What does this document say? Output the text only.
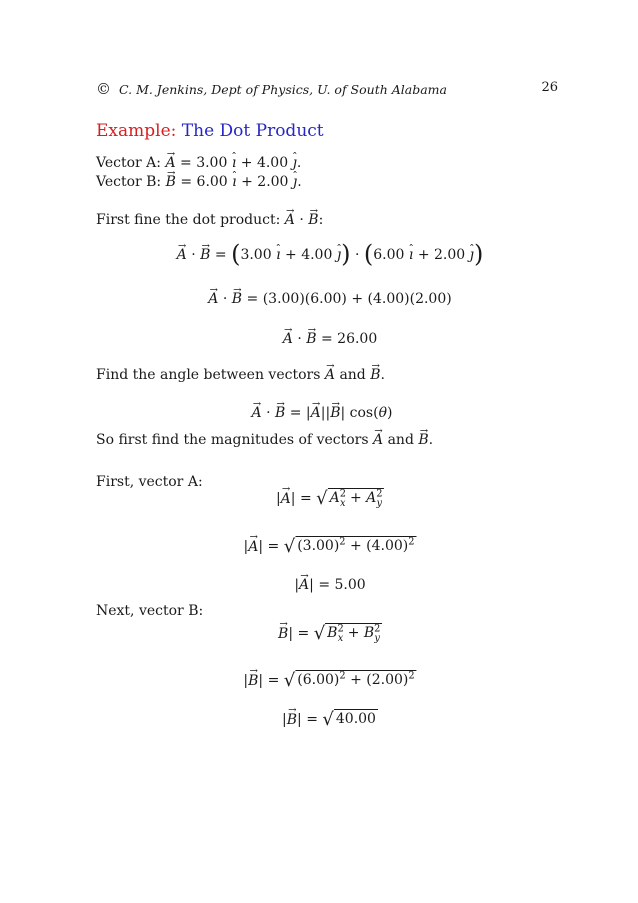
© C. M. Jenkins, Dept of Physics, U. of South Alabama	26
Example: The Dot Product
Vector A: → A = 3.00 ˆ ı + 4.00 ˆ ȷ.
Vector B: → B = 6.00 ˆ ı + 2.00 ˆ ȷ.
First fine the dot product: → A · → B:
→ A · → B = (3.00 ˆ ı + 4.00 ˆ ȷ) · (6.00 ˆ ı + 2.00 ˆ ȷ)
→ A · → B = (3.00)(6.00) + (4.00)(2.00)
→ A · → B = 26.00
Find the angle between vectors → A and → B.
→ A · → B = |→ A||→ B| cos(θ)
So first find the magnitudes of vectors → A and → B.
First, vector A:
|→ A| = √ $A^2_x + A^2_y$
|→ A| = √ $(3.00)^2 + (4.00)^2$
|→ A| = 5.00
Next, vector B:
→ B| = √ $B^2_x + B^2_y$
|→ B| = √ $(6.00)^2 + (2.00)^2$
|→ B| = √ 40.00
